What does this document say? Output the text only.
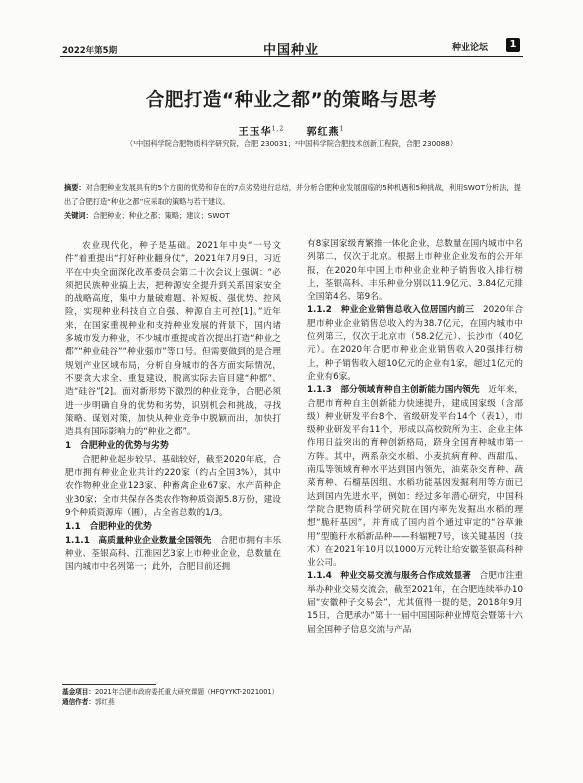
2022年第5期	中国种业	种业论坛	1
合肥打造“种业之都”的策略与思考
王玉华$^{1,2}$ 郭红燕$^1$
（¹中国科学院合肥物质科学研究院，合肥 230031；²中国科学院合肥技术创新工程院，合肥 230088）
摘要：对合肥种业发展具有的5个方面的优势和存在的7点劣势进行总结，并分析合肥种业发展面临的5种机遇和5种挑战，利用SWOT分析法，提出了合肥打造“种业之都”应采取的策略与若干建议。
关键词：合肥种业；种业之都；策略；建议；SWOT

农业现代化，种子是基础。2021年中央“一号文件”着重提出“打好种业翻身仗”，2021年7月9日，习近平在中央全面深化改革委员会第二十次会议上强调：“必须把民族种业搞上去，把种源安全提升到关系国家安全的战略高度，集中力量破难题、补短板、强优势、控风险，实现种业科技自立自强、种源自主可控[1]。”近年来，在国家重视种业和支持种业发展的背景下，国内诸多城市发力种业，不少城市重提或首次提出打造“种业之都”“种业硅谷”“种业强市”等口号。但需要做到的是合理规划产业区域布局，分析自身城市的各方面实际情况，不要贪大求全、重复建设，脱离实际去盲目建“种都”、造“硅谷”[2]。面对新形势下激烈的种业竞争，合肥必须进一步明确自身的优势和劣势，识别机会和挑战，寻找策略、谋划对策，加快从种业竞争中脱颖而出，加快打造具有国际影响力的“种业之都”。

1　合肥种业的优势与劣势

合肥种业起步较早、基础较好，截至2020年底，合肥市拥有种业企业共计约220家（约占全国3%），其中农作物种业企业123家、种畜禽企业67家、水产苗种企业30家；全市共保存各类农作物种质资源5.8万份，建设9个种质资源库（圃），占全省总数的1/3。

1.1　合肥种业的优势

1.1.1　高质量种业企业数量全国领先　 合肥市拥有丰乐种业、荃银高科、江淮园艺3家上市种业企业，总数量在国内城市中名列第一；此外，合肥目前还拥

有8家国家级育繁推一体化企业，总数量在国内城市中名列第二，仅次于北京。根据上市种业企业发布的公开年报，在2020年中国上市种业企业种子销售收入排行榜上，荃银高科、丰乐种业分别以11.9亿元、3.84亿元排全国第4名、第9名。

1.1.2　种业企业销售总收入位居国内前三　 2020年合肥市种业企业销售总收入约为38.7亿元，在国内城市中位列第三，仅次于北京市（58.2亿元）、长沙市（40亿元）。在2020年合肥市种业企业销售收入20强排行榜上，种子销售收入超10亿元的企业有1家，超过1亿元的企业有6家。

1.1.3　部分领域育种自主创新能力国内领先　 近年来，合肥市育种自主创新能力快速提升，建成国家级（含部级）种业研发平台8个、省级研发平台14个（表1），市级种业研发平台11个，形成以高校院所为主、企业主体作用日益突出的育种创新格局，跻身全国育种城市第一方阵。其中，两系杂交水稻、小麦抗病育种、西甜瓜、南瓜等领域育种水平达到国内领先，油菜杂交育种、蔬菜育种、石榴基因组、水稻功能基因发掘利用等方面已达到国内先进水平，例如：经过多年潜心研究，中国科学院合肥物质科学研究院在国内率先发掘出水稻的理想“脆秆基因”，并育成了国内首个通过审定的“谷草兼用”型脆秆水稻新品种——科辐粳7号，该关键基因（技术）在2021年10月以1000万元转让给安徽荃银高科种业公司。

1.1.4　种业交易交流与服务合作成效显著　 合肥市注重举办种业交易交流会，截至2021年，在合肥连续举办10届“安徽种子交易会”，尤其值得一提的是，2018年9月15日，合肥承办“第十一届中国国际种业博览会暨第十六届全国种子信息交流与产品

基金项目：2021年合肥市政府委托重大研究课题（HFQYYKT-2021001）
通信作者：郭红燕
